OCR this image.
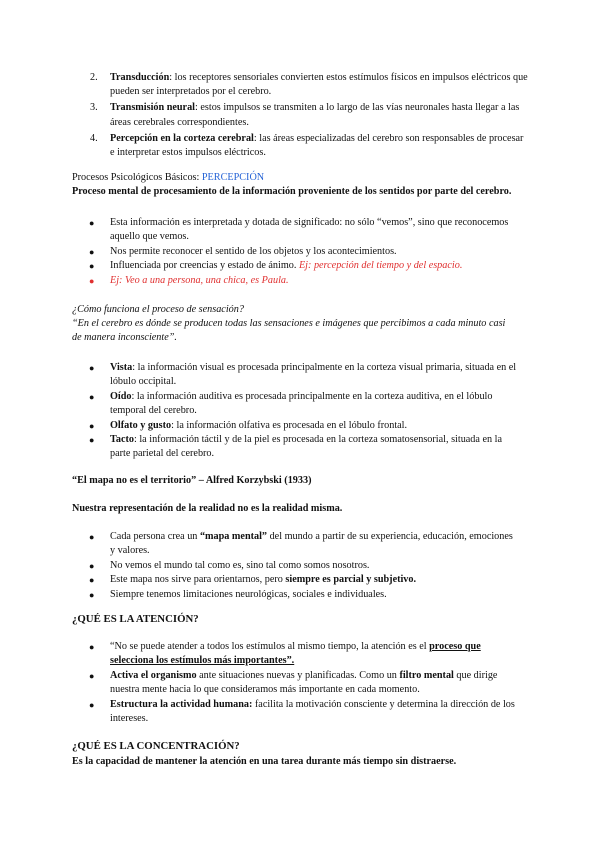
2. Transducción: los receptores sensoriales convierten estos estímulos físicos en impulsos eléctricos que pueden ser interpretados por el cerebro.
3. Transmisión neural: estos impulsos se transmiten a lo largo de las vías neuronales hasta llegar a las áreas cerebrales correspondientes.
4. Percepción en la corteza cerebral: las áreas especializadas del cerebro son responsables de procesar e interpretar estos impulsos eléctricos.
Procesos Psicológicos Básicos: PERCEPCIÓN
Proceso mental de procesamiento de la información proveniente de los sentidos por parte del cerebro.
● Esta información es interpretada y dotada de significado: no sólo “vemos”, sino que reconocemos aquello que vemos.
● Nos permite reconocer el sentido de los objetos y los acontecimientos.
● Influenciada por creencias y estado de ánimo. Ej: percepción del tiempo y del espacio.
● Ej: Veo a una persona, una chica, es Paula.
¿Cómo funciona el proceso de sensación?
“En el cerebro es dónde se producen todas las sensaciones e imágenes que percibimos a cada minuto casi de manera inconsciente”.
● Vista: la información visual es procesada principalmente en la corteza visual primaria, situada en el lóbulo occipital.
● Oído: la información auditiva es procesada principalmente en la corteza auditiva, en el lóbulo temporal del cerebro.
● Olfato y gusto: la información olfativa es procesada en el lóbulo frontal.
● Tacto: la información táctil y de la piel es procesada en la corteza somatosensorial, situada en la parte parietal del cerebro.
“El mapa no es el territorio” – Alfred Korzybski (1933)
Nuestra representación de la realidad no es la realidad misma.
● Cada persona crea un “mapa mental” del mundo a partir de su experiencia, educación, emociones y valores.
● No vemos el mundo tal como es, sino tal como somos nosotros.
● Este mapa nos sirve para orientarnos, pero siempre es parcial y subjetivo.
● Siempre tenemos limitaciones neurológicas, sociales e individuales.
¿QUÉ ES LA ATENCIÓN?
● “No se puede atender a todos los estímulos al mismo tiempo, la atención es el proceso que selecciona los estímulos más importantes”.
● Activa el organismo ante situaciones nuevas y planificadas. Como un filtro mental que dirige nuestra mente hacia lo que consideramos más importante en cada momento.
● Estructura la actividad humana: facilita la motivación consciente y determina la dirección de los intereses.
¿QUÉ ES LA CONCENTRACIÓN?
Es la capacidad de mantener la atención en una tarea durante más tiempo sin distraerse.
